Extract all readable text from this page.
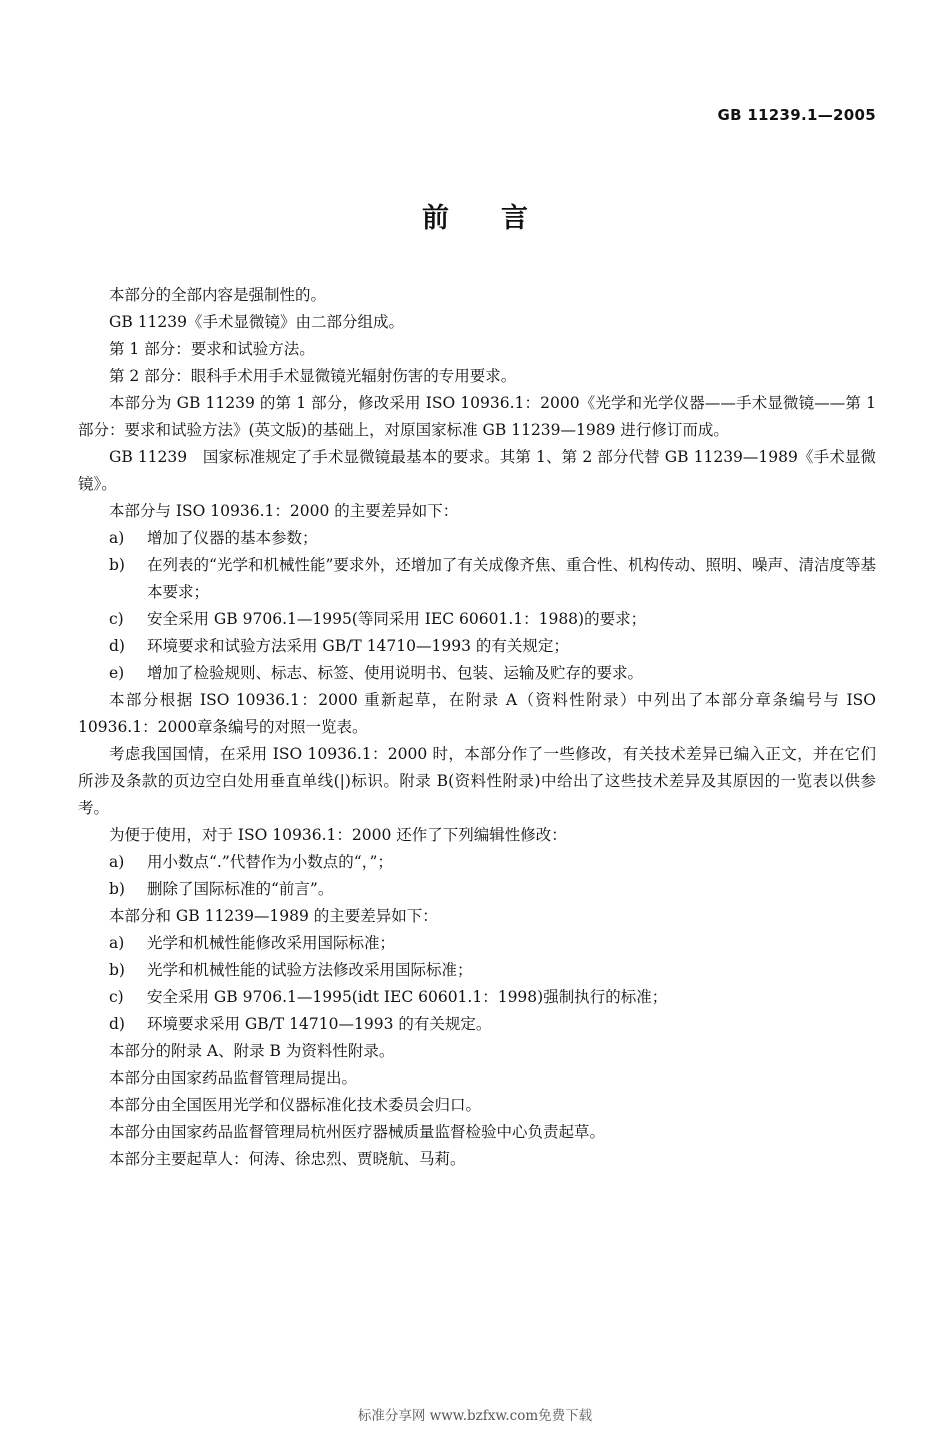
GB 11239.1—2005
前言

本部分的全部内容是强制性的。

GB 11239《手术显微镜》由二部分组成。

第 1 部分：要求和试验方法。

第 2 部分：眼科手术用手术显微镜光辐射伤害的专用要求。

本部分为 GB 11239 的第 1 部分，修改采用 ISO 10936.1：2000《光学和光学仪器——手术显微镜——第 1 部分：要求和试验方法》(英文版)的基础上，对原国家标准 GB 11239—1989 进行修订而成。

GB 11239　国家标准规定了手术显微镜最基本的要求。其第 1、第 2 部分代替 GB 11239—1989《手术显微镜》。

本部分与 ISO 10936.1：2000 的主要差异如下：

a) 增加了仪器的基本参数；

b)	在列表的“光学和机械性能”要求外，还增加了有关成像齐焦、重合性、机构传动、照明、噪声、清洁度等基本要求；

c) 安全采用 GB 9706.1—1995(等同采用 IEC 60601.1：1988)的要求；

d) 环境要求和试验方法采用 GB/T 14710—1993 的有关规定；

e) 增加了检验规则、标志、标签、使用说明书、包装、运输及贮存的要求。

本部分根据 ISO 10936.1：2000 重新起草，在附录 A（资料性附录）中列出了本部分章条编号与 ISO 10936.1：2000章条编号的对照一览表。

考虑我国国情，在采用 ISO 10936.1：2000 时，本部分作了一些修改，有关技术差异已编入正文，并在它们所涉及条款的页边空白处用垂直单线(|)标识。附录 B(资料性附录)中给出了这些技术差异及其原因的一览表以供参考。

为便于使用，对于 ISO 10936.1：2000 还作了下列编辑性修改：

a) 用小数点“.”代替作为小数点的“，”；

b) 删除了国际标准的“前言”。

本部分和 GB 11239—1989 的主要差异如下：

a) 光学和机械性能修改采用国际标准；

b) 光学和机械性能的试验方法修改采用国际标准；

c) 安全采用 GB 9706.1—1995(idt IEC 60601.1：1998)强制执行的标准；

d) 环境要求采用 GB/T 14710—1993 的有关规定。

本部分的附录 A、附录 B 为资料性附录。

本部分由国家药品监督管理局提出。

本部分由全国医用光学和仪器标准化技术委员会归口。

本部分由国家药品监督管理局杭州医疗器械质量监督检验中心负责起草。

本部分主要起草人：何涛、徐忠烈、贾晓航、马莉。

标准分享网 www.bzfxw.com免费下载
